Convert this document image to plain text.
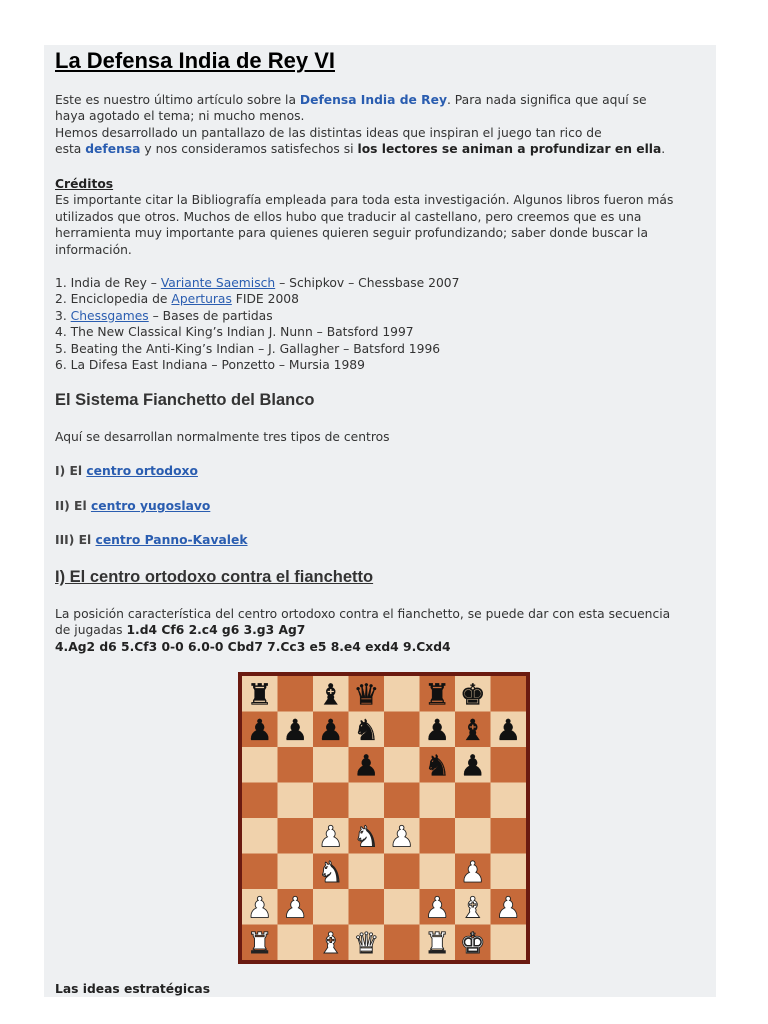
La Defensa India de Rey VI
Este es nuestro último artículo sobre la Defensa India de Rey. Para nada significa que aquí se
haya agotado el tema; ni mucho menos.
Hemos desarrollado un pantallazo de las distintas ideas que inspiran el juego tan rico de
esta defensa y nos consideramos satisfechos si los lectores se animan a profundizar en ella.
Créditos
Es importante citar la Bibliografía empleada para toda esta investigación. Algunos libros fueron más
utilizados que otros. Muchos de ellos hubo que traducir al castellano, pero creemos que es una
herramienta muy importante para quienes quieren seguir profundizando; saber donde buscar la
información.
1. India de Rey – Variante Saemisch – Schipkov – Chessbase 2007
2. Enciclopedia de Aperturas FIDE 2008
3. Chessgames – Bases de partidas
4. The New Classical King’s Indian J. Nunn – Batsford 1997
5. Beating the Anti-King’s Indian – J. Gallagher – Batsford 1996
6. La Difesa East Indiana – Ponzetto – Mursia 1989
El Sistema Fianchetto del Blanco
Aquí se desarrollan normalmente tres tipos de centros
I) El centro ortodoxo
II) El centro yugoslavo
III) El centro Panno-Kavalek
I) El centro ortodoxo contra el fianchetto
La posición característica del centro ortodoxo contra el fianchetto, se puede dar con esta secuencia
de jugadas 1.d4 Cf6 2.c4 g6 3.g3 Ag7
4.Ag2 d6 5.Cf3 0-0 6.0-0 Cbd7 7.Cc3 e5 8.e4 exd4 9.Cxd4
Las ideas estratégicas
♜ ♝ ♛ ♜ ♚
♟ ♟ ♟ ♞ ♟ ♝ ♟
♟ ♞ ♟
♟ ♞ ♟
♞	♟
♟ ♟	♟ ♝ ♟
♜ ♝ ♛ ♜ ♚
